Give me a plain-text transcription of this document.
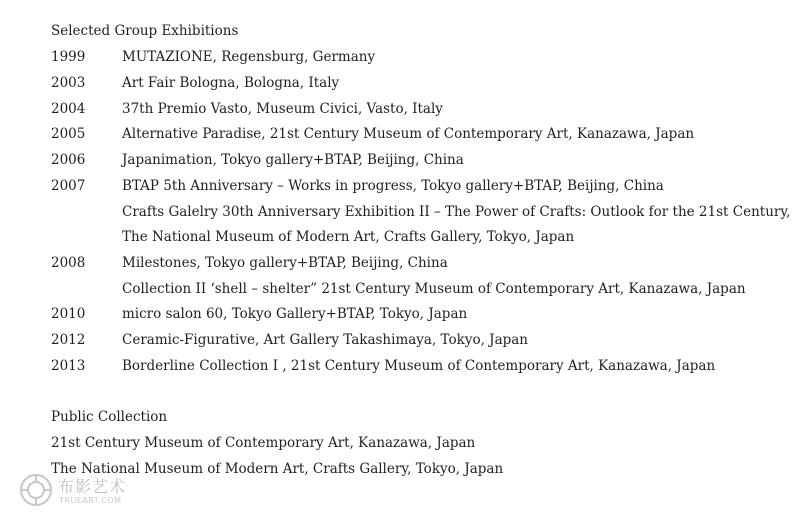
Selected Group Exhibitions
1999	MUTAZIONE, Regensburg, Germany
2003	Art Fair Bologna, Bologna, Italy
2004	37th Premio Vasto, Museum Civici, Vasto, Italy
2005	Alternative Paradise, 21st Century Museum of Contemporary Art, Kanazawa, Japan
2006	Japanimation, Tokyo gallery+BTAP, Beijing, China
2007	BTAP 5th Anniversary – Works in progress, Tokyo gallery+BTAP, Beijing, China
Crafts Galelry 30th Anniversary Exhibition II – The Power of Crafts: Outlook for the 21st Century,
The National Museum of Modern Art, Crafts Gallery, Tokyo, Japan
2008	Milestones, Tokyo gallery+BTAP, Beijing, China
Collection II ‘shell – shelter” 21st Century Museum of Contemporary Art, Kanazawa, Japan
2010	micro salon 60, Tokyo Gallery+BTAP, Tokyo, Japan
2012	Ceramic-Figurative, Art Gallery Takashimaya, Tokyo, Japan
2013	Borderline Collection Ⅰ , 21st Century Museum of Contemporary Art, Kanazawa, Japan
Public Collection
21st Century Museum of Contemporary Art, Kanazawa, Japan
The National Museum of Modern Art, Crafts Gallery, Tokyo, Japan
布影艺术
TRUEART.COM
